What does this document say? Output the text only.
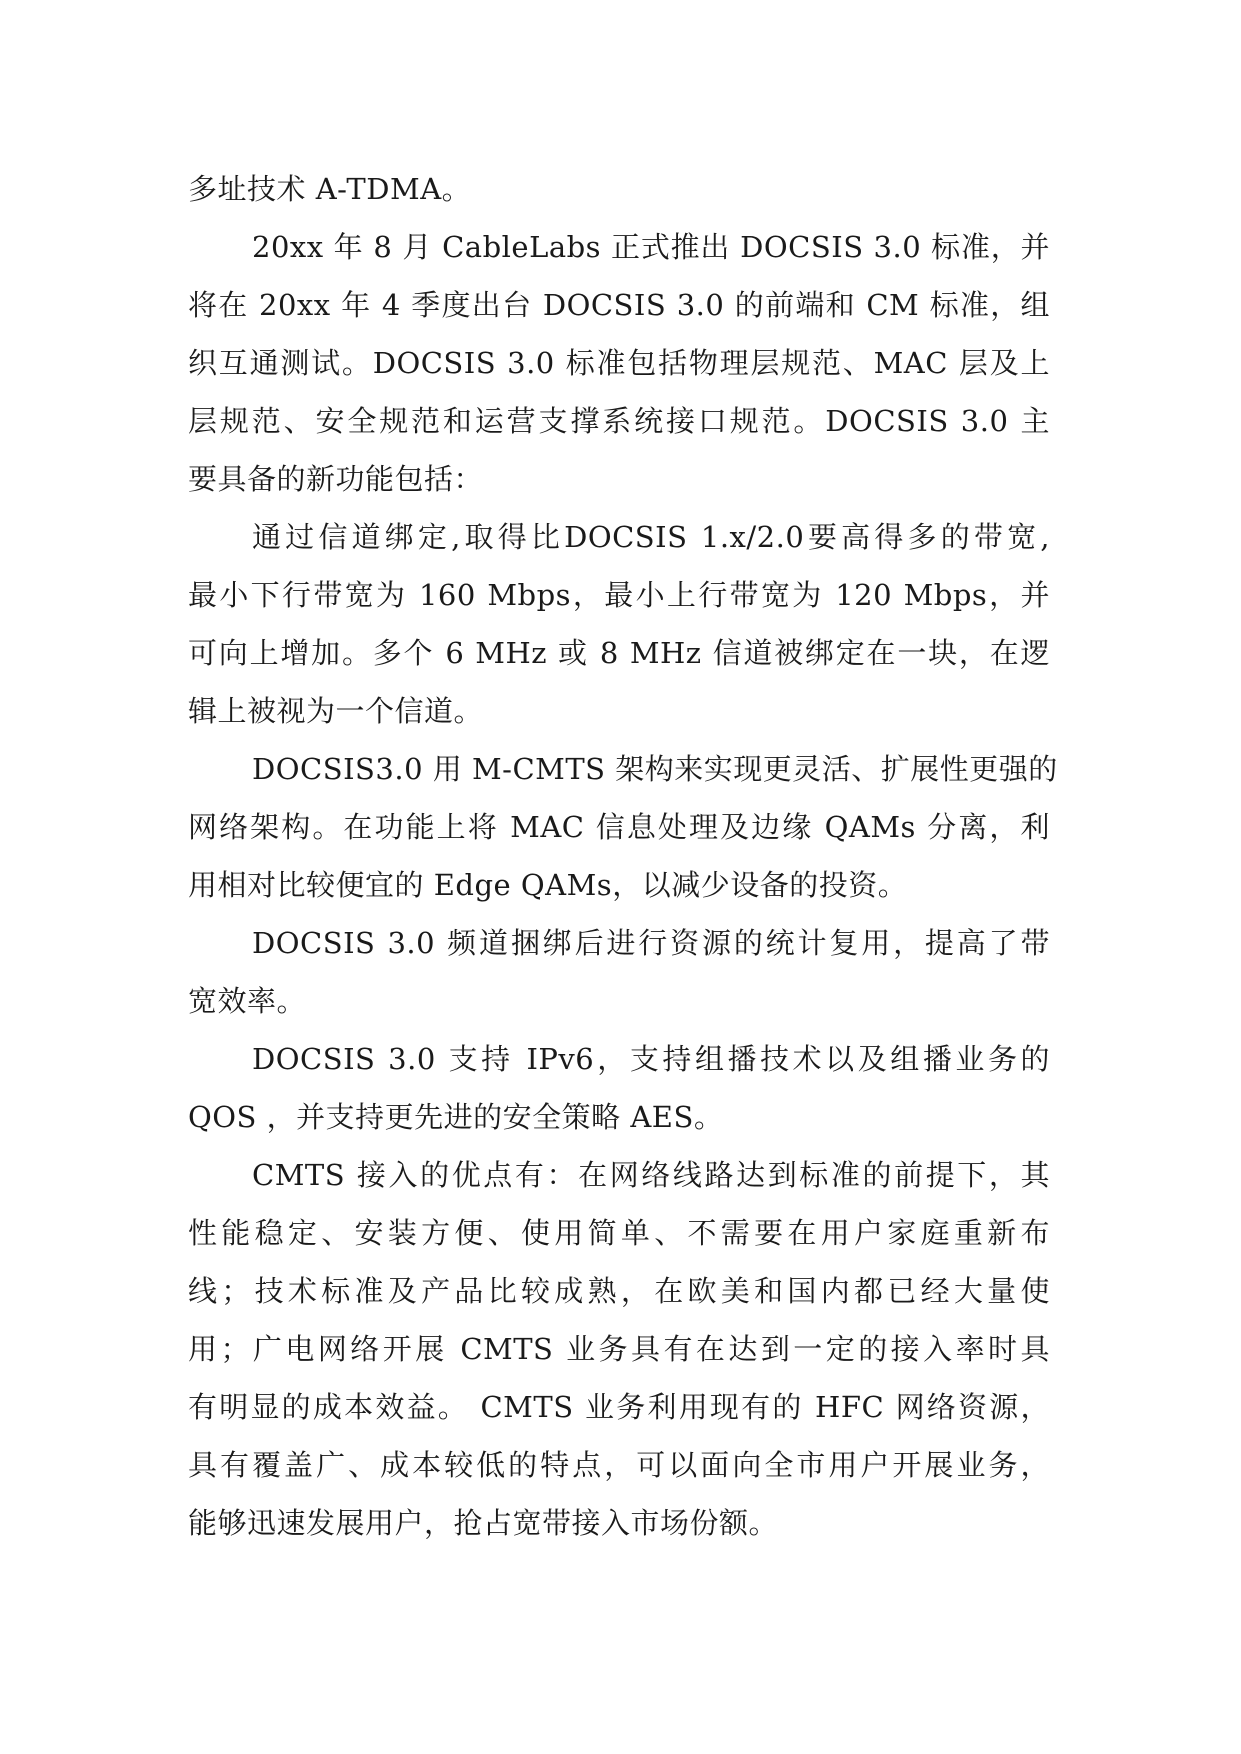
多址技术 A-TDMA。
20xx 年 8 月 CableLabs 正式推出 DOCSIS 3.0 标准，并
将在 20xx 年 4 季度出台 DOCSIS 3.0 的前端和 CM 标准，组
织互通测试。DOCSIS 3.0 标准包括物理层规范、MAC 层及上
层规范、安全规范和运营支撑系统接口规范。DOCSIS 3.0 主
要具备的新功能包括：
通过信道绑定,取得比DOCSIS 1.x/2.0要高得多的带宽,
最小下行带宽为 160 Mbps，最小上行带宽为 120 Mbps，并
可向上增加。多个 6 MHz 或 8 MHz 信道被绑定在一块，在逻
辑上被视为一个信道。
DOCSIS3.0 用 M-CMTS 架构来实现更灵活、扩展性更强的
网络架构。在功能上将 MAC 信息处理及边缘 QAMs 分离，利
用相对比较便宜的 Edge QAMs，以减少设备的投资。
DOCSIS 3.0 频道捆绑后进行资源的统计复用，提高了带
宽效率。
DOCSIS 3.0 支持 IPv6，支持组播技术以及组播业务的
QOS ，并支持更先进的安全策略 AES。
CMTS 接入的优点有：在网络线路达到标准的前提下，其
性能稳定、安装方便、使用简单、不需要在用户家庭重新布
线；技术标准及产品比较成熟，在欧美和国内都已经大量使
用；广电网络开展 CMTS 业务具有在达到一定的接入率时具
有明显的成本效益。 CMTS 业务利用现有的 HFC 网络资源，
具有覆盖广、成本较低的特点，可以面向全市用户开展业务，
能够迅速发展用户，抢占宽带接入市场份额。
